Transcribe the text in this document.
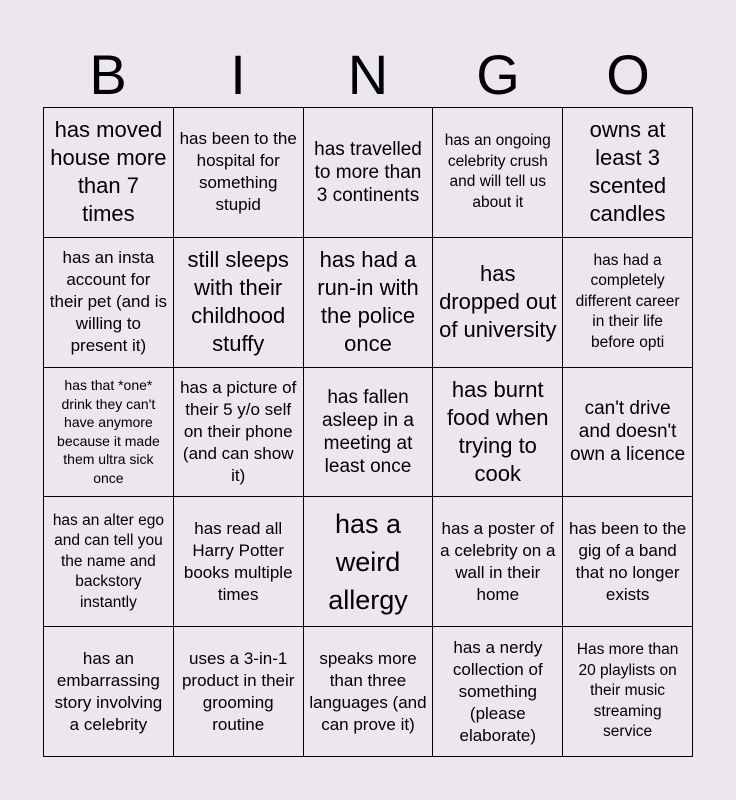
B	I	N	G	O
has moved house more than 7 times
has been to the hospital for something stupid
has travelled to more than 3 continents
has an ongoing celebrity crush and will tell us about it
owns at least 3 scented candles
has an insta account for their pet (and is willing to present it)
still sleeps with their childhood stuffy
has had a run-in with the police once
has dropped out of university
has had a completely different career in their life before opti
has that *one* drink they can't have anymore because it made them ultra sick once
has a picture of their 5 y/o self on their phone (and can show it)
has fallen asleep in a meeting at least once
has burnt food when trying to cook
can't drive and doesn't own a licence
has an alter ego and can tell you the name and backstory instantly
has read all Harry Potter books multiple times
has a weird allergy
has a poster of a celebrity on a wall in their home
has been to the gig of a band that no longer exists
has an embarrassing story involving a celebrity
uses a 3-in-1 product in their grooming routine
speaks more than three languages (and can prove it)
has a nerdy collection of something (please elaborate)
Has more than 20 playlists on their music streaming service
